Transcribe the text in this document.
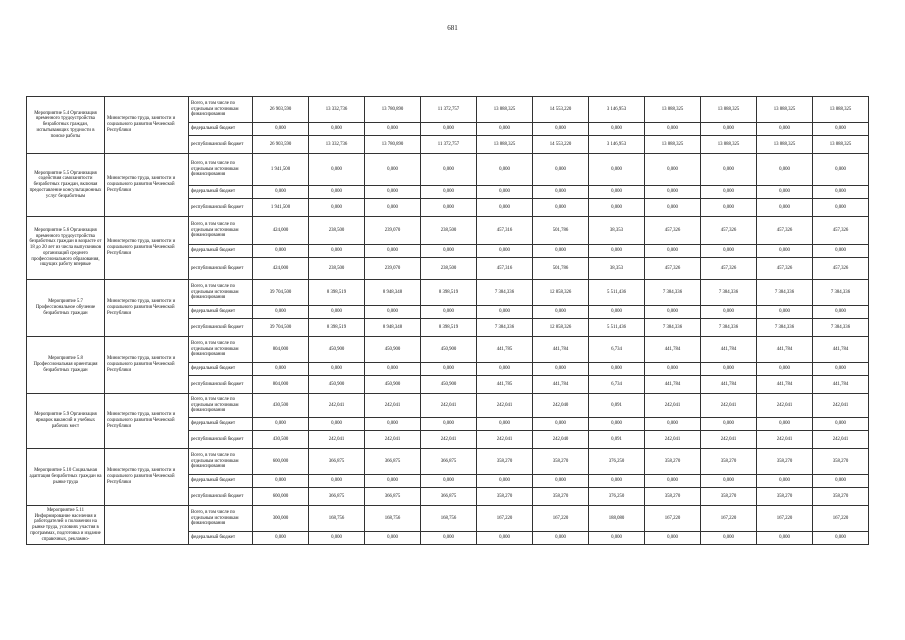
681
Мероприятие 5.4 Организация временного трудоустройства безработных граждан, испытывающих трудности в поиске работы	Министерство труда, занятости и социального развития Чеченской Республики	Всего, в том числе по отдельным источникам финансирования	26 903,590	13 332,736	13 780,890	11 372,757	13 888,325	14 553,220	3 146,953	13 888,325	13 888,325	13 888,325	13 888,325
		федеральный бюджет	0,000	0,000	0,000	0,000	0,000	0,000	0,000	0,000	0,000	0,000	0,000
		республиканский бюджет	26 903,590	13 332,736	13 780,890	11 372,757	13 888,325	14 553,220	3 146,953	13 888,325	13 888,325	13 888,325	13 888,325
Мероприятие 5.5 Организация содействия самозанятости безработных граждан, включая предоставление консультационных услуг безработным	Министерство труда, занятости и социального развития Чеченской Республики	Всего, в том числе по отдельным источникам финансирования	1 941,500	0,000	0,000	0,000	0,000	0,000	0,000	0,000	0,000	0,000	0,000
		федеральный бюджет	0,000	0,000	0,000	0,000	0,000	0,000	0,000	0,000	0,000	0,000	0,000
		республиканский бюджет	1 941,500	0,000	0,000	0,000	0,000	0,000	0,000	0,000	0,000	0,000	0,000
Мероприятие 5.6 Организация временного трудоустройства безработных граждан в возрасте от 18 до 20 лет из числа выпускников организаций среднего профессионального образования, ищущих работу впервые	Министерство труда, занятости и социального развития Чеченской Республики	Всего, в том числе по отдельным источникам финансирования	424,000	238,500	239,070	238,500	457,316	501,786	38,353	457,326	457,326	457,326	457,326
		федеральный бюджет	0,000	0,000	0,000	0,000	0,000	0,000	0,000	0,000	0,000	0,000	0,000
		республиканский бюджет	424,000	238,500	239,070	238,500	457,316	501,786	38,353	457,326	457,326	457,326	457,326
Мероприятие 5.7 Профессиональное обучение безработных граждан	Министерство труда, занятости и социального развития Чеченской Республики	Всего, в том числе по отдельным источникам финансирования	39 704,500	8 398,519	8 948,348	8 398,519	7 384,336	12 858,326	5 511,436	7 384,336	7 384,336	7 384,336	7 384,336
		федеральный бюджет	0,000	0,000	0,000	0,000	0,000	0,000	0,000	0,000	0,000	0,000	0,000
		республиканский бюджет	39 704,500	8 398,519	8 948,348	8 398,519	7 384,336	12 858,326	5 511,436	7 384,336	7 384,336	7 384,336	7 384,336
Мероприятие 5.8 Профессиональная ориентация безработных граждан	Министерство труда, занятости и социального развития Чеченской Республики	Всего, в том числе по отдельным источникам финансирования	804,000	450,900	450,900	450,900	441,785	441,784	6,734	441,784	441,784	441,784	441,784
		федеральный бюджет	0,000	0,000	0,000	0,000	0,000	0,000	0,000	0,000	0,000	0,000	0,000
		республиканский бюджет	804,000	450,900	450,900	450,900	441,785	441,784	6,734	441,784	441,784	441,784	441,784
Мероприятие 5.9 Организация ярмарок вакансий и учебных рабочих мест	Министерство труда, занятости и социального развития Чеченской Республики	Всего, в том числе по отдельным источникам финансирования	430,500	242,041	242,041	242,041	242,041	242,040	0,091	242,041	242,041	242,041	242,041
		федеральный бюджет	0,000	0,000	0,000	0,000	0,000	0,000	0,000	0,000	0,000	0,000	0,000
		республиканский бюджет	430,500	242,041	242,041	242,041	242,041	242,040	0,091	242,041	242,041	242,041	242,041
Мероприятие 5.10 Социальная адаптация безработных граждан на рынке труда	Министерство труда, занятости и социального развития Чеченской Республики	Всего, в том числе по отдельным источникам финансирования	600,000	366,875	366,875	366,875	358,270	358,270	376,250	358,270	358,270	358,270	358,270
		федеральный бюджет	0,000	0,000	0,000	0,000	0,000	0,000	0,000	0,000	0,000	0,000	0,000
		республиканский бюджет	600,000	366,875	366,875	366,875	358,270	358,270	376,250	358,270	358,270	358,270	358,270
Мероприятие 5.11 Информирование населения и работодателей о положении на рынке труда, условиях участия в программах, подготовка и издание справочных, рекламно-		Всего, в том числе по отдельным источникам финансирования	300,000	168,756	168,756	168,756	167,220	167,220	188,080	167,220	167,220	167,220	167,220
		федеральный бюджет	0,000	0,000	0,000	0,000	0,000	0,000	0,000	0,000	0,000	0,000	0,000
